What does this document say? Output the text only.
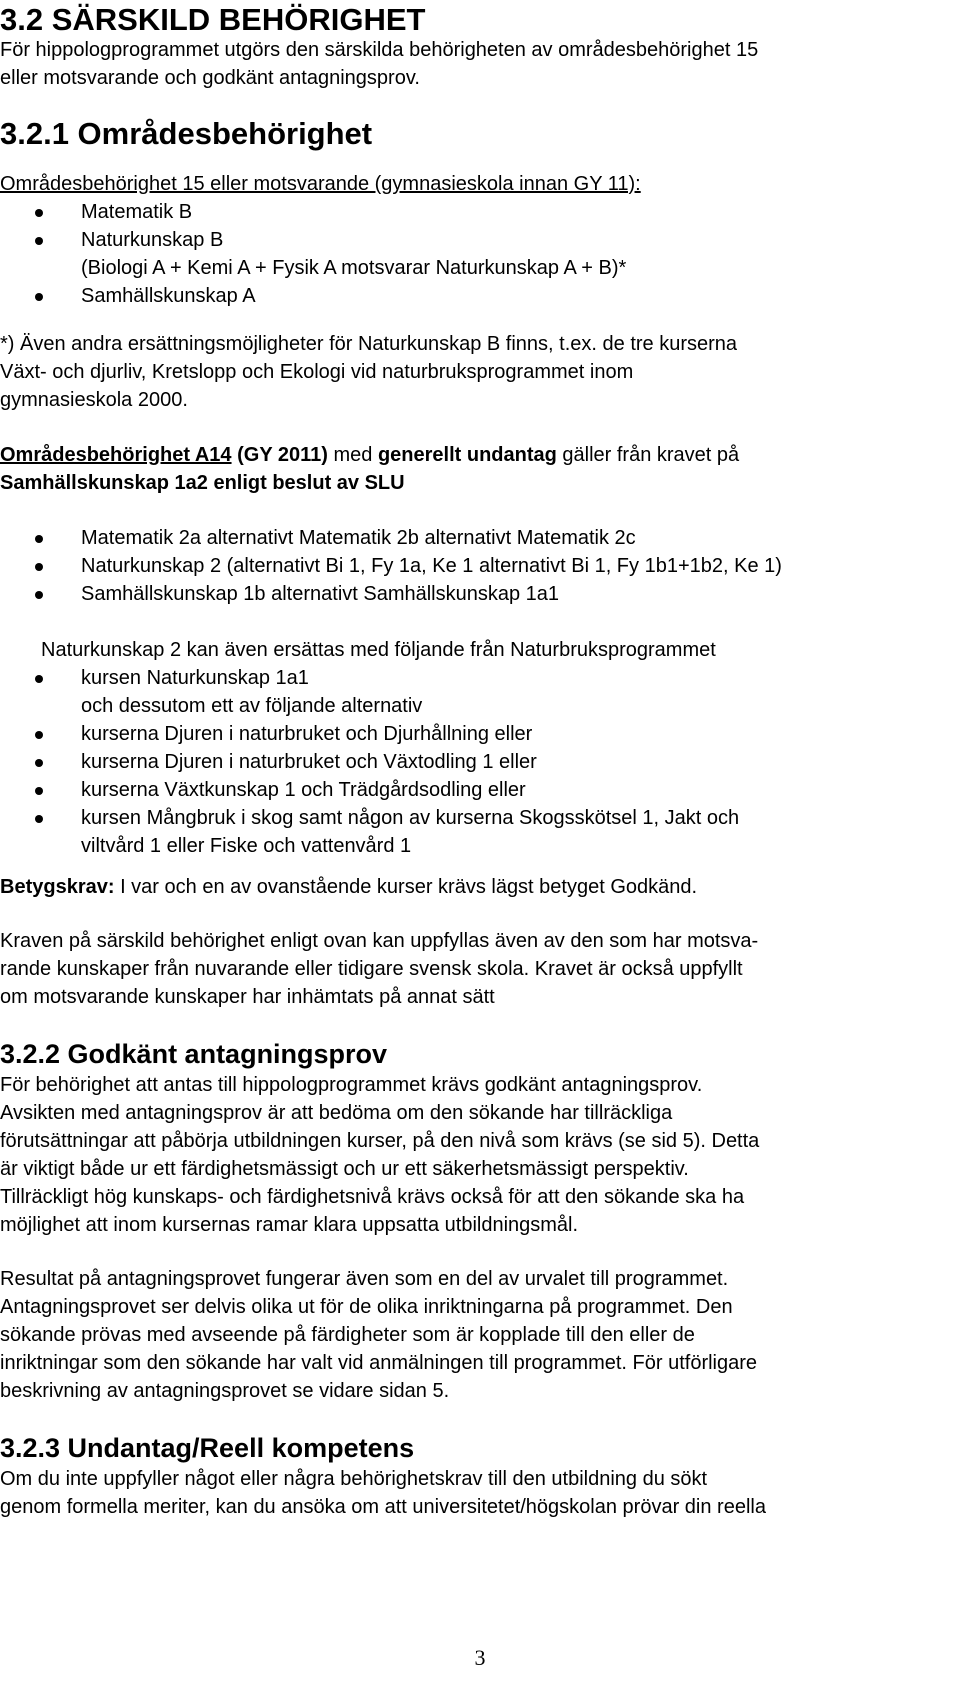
3.2 SÄRSKILD BEHÖRIGHET
För hippologprogrammet utgörs den särskilda behörigheten av områdesbehörighet 15
eller motsvarande och godkänt antagningsprov.
3.2.1 Områdesbehörighet
Områdesbehörighet 15 eller motsvarande (gymnasieskola innan GY 11):
Matematik B
Naturkunskap B
(Biologi A + Kemi A + Fysik A motsvarar Naturkunskap A + B)*
Samhällskunskap A
*) Även andra ersättningsmöjligheter för Naturkunskap B finns, t.ex. de tre kurserna
Växt- och djurliv, Kretslopp och Ekologi vid naturbruksprogrammet inom
gymnasieskola 2000.
Områdesbehörighet A14 (GY 2011) med generellt undantag gäller från kravet på
Samhällskunskap 1a2 enligt beslut av SLU
Matematik 2a alternativt Matematik 2b alternativt Matematik 2c
Naturkunskap 2 (alternativt Bi 1, Fy 1a, Ke 1 alternativt Bi 1, Fy 1b1+1b2, Ke 1)
Samhällskunskap 1b alternativt Samhällskunskap 1a1
Naturkunskap 2 kan även ersättas med följande från Naturbruksprogrammet
kursen Naturkunskap 1a1
och dessutom ett av följande alternativ
kurserna Djuren i naturbruket och Djurhållning eller
kurserna Djuren i naturbruket och Växtodling 1 eller
kurserna Växtkunskap 1 och Trädgårdsodling eller
kursen Mångbruk i skog samt någon av kurserna Skogsskötsel 1, Jakt och
viltvård 1 eller Fiske och vattenvård 1
Betygskrav: I var och en av ovanstående kurser krävs lägst betyget Godkänd.
Kraven på särskild behörighet enligt ovan kan uppfyllas även av den som har motsva-
rande kunskaper från nuvarande eller tidigare svensk skola. Kravet är också uppfyllt
om motsvarande kunskaper har inhämtats på annat sätt
3.2.2 Godkänt antagningsprov
För behörighet att antas till hippologprogrammet krävs godkänt antagningsprov.
Avsikten med antagningsprov är att bedöma om den sökande har tillräckliga
förutsättningar att påbörja utbildningen kurser, på den nivå som krävs (se sid 5). Detta
är viktigt både ur ett färdighetsmässigt och ur ett säkerhetsmässigt perspektiv.
Tillräckligt hög kunskaps- och färdighetsnivå krävs också för att den sökande ska ha
möjlighet att inom kursernas ramar klara uppsatta utbildningsmål.
Resultat på antagningsprovet fungerar även som en del av urvalet till programmet.
Antagningsprovet ser delvis olika ut för de olika inriktningarna på programmet. Den
sökande prövas med avseende på färdigheter som är kopplade till den eller de
inriktningar som den sökande har valt vid anmälningen till programmet. För utförligare
beskrivning av antagningsprovet se vidare sidan 5.
3.2.3 Undantag/Reell kompetens
Om du inte uppfyller något eller några behörighetskrav till den utbildning du sökt
genom formella meriter, kan du ansöka om att universitetet/högskolan prövar din reella
3
